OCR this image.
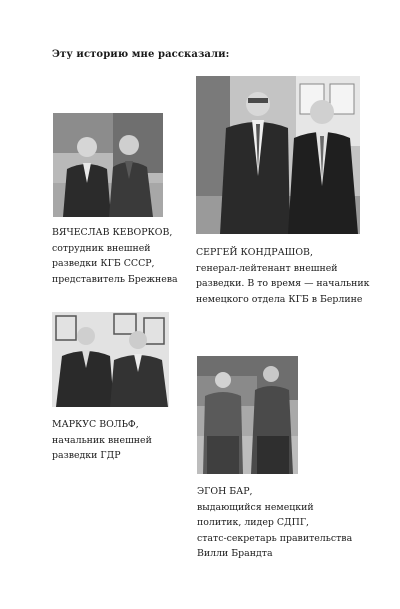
Эту историю мне рассказали:
ВЯЧЕСЛАВ КЕВОРКОВ,
сотрудник внешней
разведки КГБ СССР,
представитель Брежнева
СЕРГЕЙ КОНДРАШОВ,
генерал-лейтенант внешней
разведки. В то время — начальник
немецкого отдела КГБ в Берлине
МАРКУС ВОЛЬФ,
начальник внешней
разведки ГДР
ЭГОН БАР,
выдающийся немецкий
политик, лидер СДПГ,
статс-секретарь правительства
Вилли Брандта
